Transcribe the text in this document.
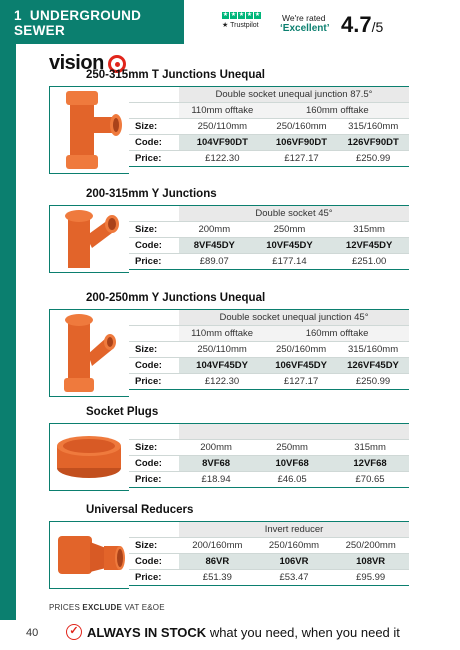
1 UNDERGROUND
SEWER
★ ★ ★ ★ ★
★ Trustpilot
We're rated
‘Excellent’ 4.7/5
vision
250-315mm T Junctions Unequal
	Double socket unequal junction 87.5°		
	110mm offtake	160mm offtake	
Size:	250/110mm	250/160mm	315/160mm
Code:	104VF90DT	106VF90DT	126VF90DT
Price:	£122.30	£127.17	£250.99
200-315mm Y Junctions
	Double socket 45°		
Size:	200mm	250mm	315mm
Code:	8VF45DY	10VF45DY	12VF45DY
Price:	£89.07	£177.14	£251.00
200-250mm Y Junctions Unequal
	Double socket unequal junction 45°		
	110mm offtake	160mm offtake	
Size:	250/110mm	250/160mm	315/160mm
Code:	104VF45DY	106VF45DY	126VF45DY
Price:	£122.30	£127.17	£250.99
Socket Plugs

Size:	200mm	250mm	315mm
Code:	8VF68	10VF68	12VF68
Price:	£18.94	£46.05	£70.65
Universal Reducers
	Invert reducer		
Size:	200/160mm	250/160mm	250/200mm
Code:	86VR	106VR	108VR
Price:	£51.39	£53.47	£95.99
PRICES EXCLUDE VAT E&OE
40	✓ ALWAYS IN STOCK what you need, when you need it
